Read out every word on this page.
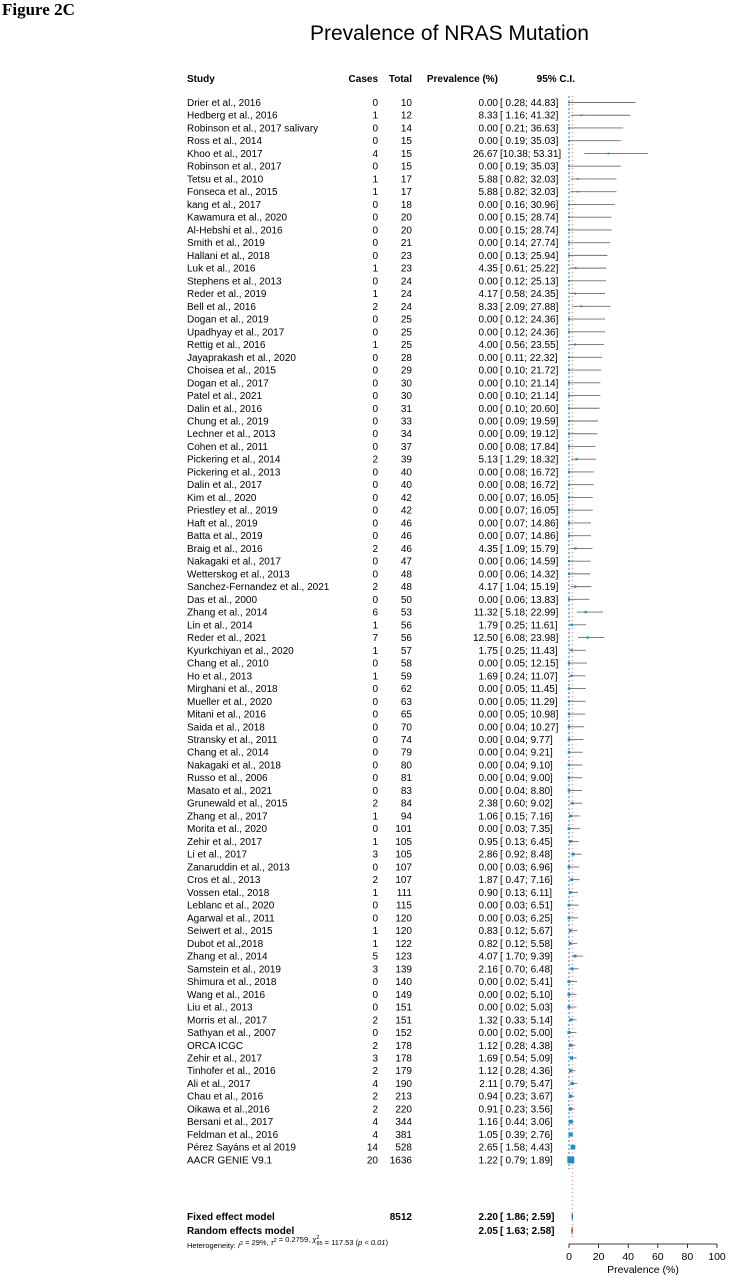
Figure 2C
Prevalence of NRAS Mutation
Study	Cases Total Prevalence (%)	95% C.I.
Drier et al., 2016	0 10	0.00 [ 0.28; 44.83]
Hedberg et al., 2016	1 12	8.33 [ 1.16; 41.32]
Robinson et al., 2017 salivary	0 14	0.00 [ 0.21; 36.63]
Ross et al., 2014	0 15	0.00 [ 0.19; 35.03]
Khoo et al., 2017	4 15	26.67 [10.38; 53.31]
Robinson et al., 2017	0 15	0.00 [ 0.19; 35.03]
Tetsu et al., 2010	1 17	5.88 [ 0.82; 32.03]
Fonseca et al., 2015	1 17	5.88 [ 0.82; 32.03]
kang et al., 2017	0 18	0.00 [ 0.16; 30.96]
Kawamura et al., 2020	0 20	0.00 [ 0.15; 28.74]
Al-Hebshi et al., 2016	0 20	0.00 [ 0.15; 28.74]
Smith et al., 2019	0 21	0.00 [ 0.14; 27.74]
Hallani et al., 2018	0 23	0.00 [ 0.13; 25.94]
Luk et al., 2016	1 23	4.35 [ 0.61; 25.22]
Stephens et al., 2013	0 24	0.00 [ 0.12; 25.13]
Reder et al., 2019	1 24	4.17 [ 0.58; 24.35]
Bell et al., 2016	2 24	8.33 [ 2.09; 27.88]
Dogan et al., 2019	0 25	0.00 [ 0.12; 24.36]
Upadhyay et al., 2017	0 25	0.00 [ 0.12; 24.36]
Rettig et al., 2016	1 25	4.00 [ 0.56; 23.55]
Jayaprakash et al., 2020	0 28	0.00 [ 0.11; 22.32]
Choisea et al., 2015	0 29	0.00 [ 0.10; 21.72]
Dogan et al., 2017	0 30	0.00 [ 0.10; 21.14]
Patel et al., 2021	0 30	0.00 [ 0.10; 21.14]
Dalin et al., 2016	0 31	0.00 [ 0.10; 20.60]
Chung et al., 2019	0 33	0.00 [ 0.09; 19.59]
Lechner et al., 2013	0 34	0.00 [ 0.09; 19.12]
Cohen et al., 2011	0 37	0.00 [ 0.08; 17.84]
Pickering et al., 2014	2 39	5.13 [ 1.29; 18.32]
Pickering et al., 2013	0 40	0.00 [ 0.08; 16.72]
Dalin et al., 2017	0 40	0.00 [ 0.08; 16.72]
Kim et al., 2020	0 42	0.00 [ 0.07; 16.05]
Priestley et al., 2019	0 42	0.00 [ 0.07; 16.05]
Haft et al., 2019	0 46	0.00 [ 0.07; 14.86]
Batta et al., 2019	0 46	0.00 [ 0.07; 14.86]
Braig et al., 2016	2 46	4.35 [ 1.09; 15.79]
Nakagaki et al., 2017	0 47	0.00 [ 0.06; 14.59]
Wetterskog et al., 2013	0 48	0.00 [ 0.06; 14.32]
Sanchez-Fernandez et al., 2021	2 48	4.17 [ 1.04; 15.19]
Das et al., 2000	0 50	0.00 [ 0.06; 13.83]
Zhang et al., 2014	6 53	11.32 [ 5.18; 22.99]
Lin et al., 2014	1 56	1.79 [ 0.25; 11.61]
Reder et al., 2021	7 56	12.50 [ 6.08; 23.98]
Kyurkchiyan et al., 2020	1 57	1.75 [ 0.25; 11.43]
Chang et al., 2010	0 58	0.00 [ 0.05; 12.15]
Ho et al., 2013	1 59	1.69 [ 0.24; 11.07]
Mirghani et al., 2018	0 62	0.00 [ 0.05; 11.45]
Mueller et al., 2020	0 63	0.00 [ 0.05; 11.29]
Mitani et al., 2016	0 65	0.00 [ 0.05; 10.98]
Saida et al., 2018	0 70	0.00 [ 0.04; 10.27]
Stransky et al., 2011	0 74	0.00 [ 0.04; 9.77]
Chang et al., 2014	0 79	0.00 [ 0.04; 9.21]
Nakagaki et al., 2018	0 80	0.00 [ 0.04; 9.10]
Russo et al., 2006	0 81	0.00 [ 0.04; 9.00]
Masato et al., 2021	0 83	0.00 [ 0.04; 8.80]
Grunewald et al., 2015	2 84	2.38 [ 0.60; 9.02]
Zhang et al., 2017	1 94	1.06 [ 0.15; 7.16]
Morita et al., 2020	0 101	0.00 [ 0.03; 7.35]
Zehir et al., 2017	1 105	0.95 [ 0.13; 6.45]
Li et al., 2017	3 105	2.86 [ 0.92; 8.48]
Zanaruddin et al., 2013	0 107	0.00 [ 0.03; 6.96]
Cros et al., 2013	2 107	1.87 [ 0.47; 7.16]
Vossen etal., 2018	1 111	0.90 [ 0.13; 6.11]
Leblanc et al., 2020	0 115	0.00 [ 0.03; 6.51]
Agarwal et al., 2011	0 120	0.00 [ 0.03; 6.25]
Seiwert et al., 2015	1 120	0.83 [ 0.12; 5.67]
Dubot et al.,2018	1 122	0.82 [ 0.12; 5.58]
Zhang et al., 2014	5 123	4.07 [ 1.70; 9.39]
Samstein et al., 2019	3 139	2.16 [ 0.70; 6.48]
Shimura et al., 2018	0 140	0.00 [ 0.02; 5.41]
Wang et al., 2016	0 149	0.00 [ 0.02; 5.10]
Liu et al., 2013	0 151	0.00 [ 0.02; 5.03]
Morris et al., 2017	2 151	1.32 [ 0.33; 5.14]
Sathyan et al., 2007	0 152	0.00 [ 0.02; 5.00]
ORCA ICGC	2 178	1.12 [ 0.28; 4.38]
Zehir et al., 2017	3 178	1.69 [ 0.54; 5.09]
Tinhofer et al., 2016	2 179	1.12 [ 0.28; 4.36]
Ali et al., 2017	4 190	2.11 [ 0.79; 5.47]
Chau et al., 2016	2 213	0.94 [ 0.23; 3.67]
Oikawa et al.,2016	2 220	0.91 [ 0.23; 3.56]
Bersani et al., 2017	4 344	1.16 [ 0.44; 3.06]
Feldman et al., 2016	4 381	1.05 [ 0.39; 2.76]
Pérez Sayáns et al 2019	14 528	2.65 [ 1.58; 4.43]
AACR GENIE V9.1	20 1636	1.22 [ 0.79; 1.89]
Fixed effect model	8512	2.20 [ 1.86; 2.59]
Random effects model	2.05 [ 1.63; 2.58]
Heterogeneity: $I^2 = 29\%$, $\tau^2 = 0.2759$, $\chi^2$ 85 = 117.53 (p < 0.01)
0 20 40 60 80 100
Prevalence (%)
